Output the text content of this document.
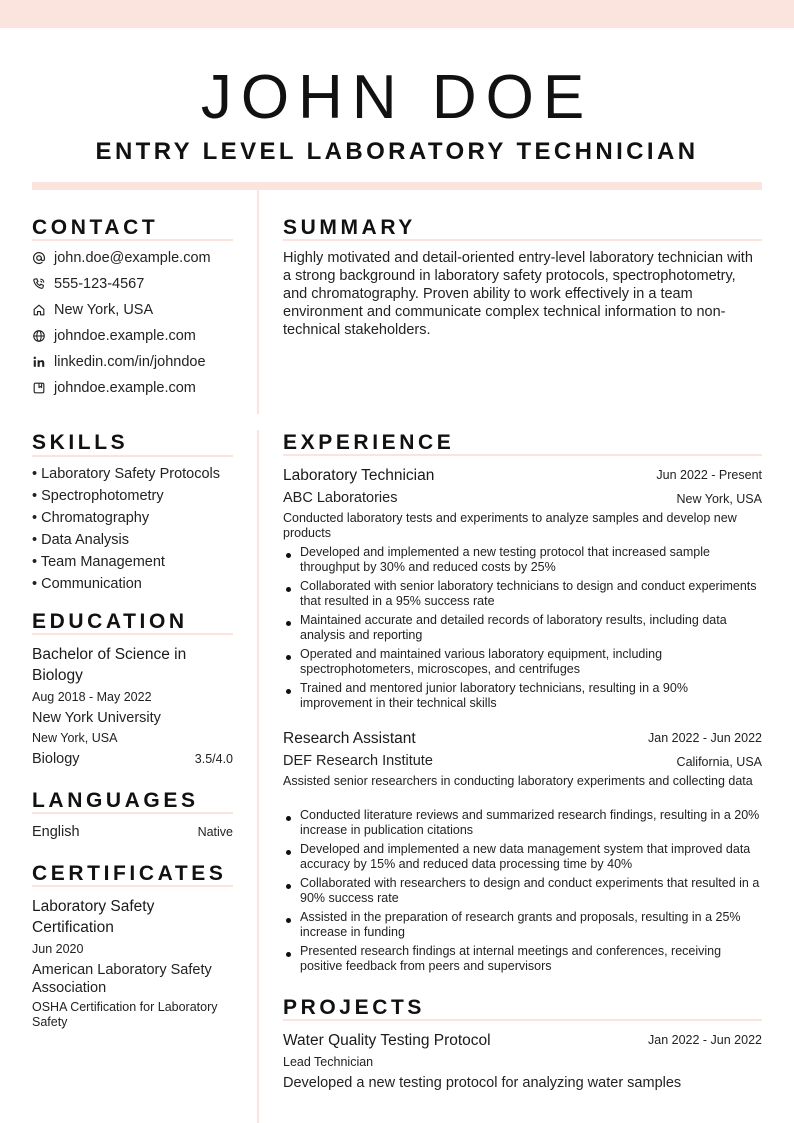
JOHN DOE
ENTRY LEVEL LABORATORY TECHNICIAN
CONTACT
john.doe@example.com
555-123-4567
New York, USA
johndoe.example.com
linkedin.com/in/johndoe
johndoe.example.com
SUMMARY
Highly motivated and detail-oriented entry-level laboratory technician with a strong background in laboratory safety protocols, spectrophotometry, and chromatography. Proven ability to work effectively in a team environment and communicate complex technical information to non-technical stakeholders.
SKILLS
• Laboratory Safety Protocols
• Spectrophotometry
• Chromatography
• Data Analysis
• Team Management
• Communication
EDUCATION
Bachelor of Science in Biology
Aug 2018 - May 2022
New York University
New York, USA
Biology	3.5/4.0
LANGUAGES
English	Native
CERTIFICATES
Laboratory Safety Certification
Jun 2020
American Laboratory Safety Association
OSHA Certification for Laboratory Safety
EXPERIENCE
Laboratory Technician	Jun 2022 - Present
ABC Laboratories	New York, USA
Conducted laboratory tests and experiments to analyze samples and develop new products
Developed and implemented a new testing protocol that increased sample throughput by 30% and reduced costs by 25%
Collaborated with senior laboratory technicians to design and conduct experiments that resulted in a 95% success rate
Maintained accurate and detailed records of laboratory results, including data analysis and reporting
Operated and maintained various laboratory equipment, including spectrophotometers, microscopes, and centrifuges
Trained and mentored junior laboratory technicians, resulting in a 90% improvement in their technical skills
Research Assistant	Jan 2022 - Jun 2022
DEF Research Institute	California, USA
Assisted senior researchers in conducting laboratory experiments and collecting data
Conducted literature reviews and summarized research findings, resulting in a 20% increase in publication citations
Developed and implemented a new data management system that improved data accuracy by 15% and reduced data processing time by 40%
Collaborated with researchers to design and conduct experiments that resulted in a 90% success rate
Assisted in the preparation of research grants and proposals, resulting in a 25% increase in funding
Presented research findings at internal meetings and conferences, receiving positive feedback from peers and supervisors
PROJECTS
Water Quality Testing Protocol	Jan 2022 - Jun 2022
Lead Technician
Developed a new testing protocol for analyzing water samples
